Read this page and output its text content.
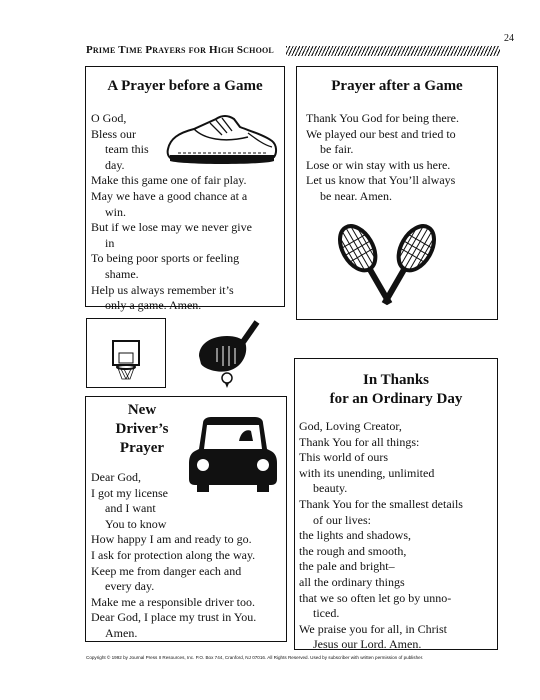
24
Prime Time Prayers for High School
A Prayer before a Game
O God,
Bless our
team this
day.
Make this game one of fair play.
May we have a good chance at a
win.
But if we lose may we never give
in
To being poor sports or feeling
shame.
Help us always remember it’s
only a game. Amen.
Prayer after a Game
Thank You God for being there.
We played our best and tried to
be fair.
Lose or win stay with us here.
Let us know that You’ll always
be near. Amen.
New
Driver’s
Prayer
Dear God,
I got my license
and I want
You to know
How happy I am and ready to go.
I ask for protection along the way.
Keep me from danger each and
every day.
Make me a responsible driver too.
Dear God, I place my trust in You.
Amen.
In Thanks
for an Ordinary Day
God, Loving Creator,
Thank You for all things:
This world of ours
with its unending, unlimited
beauty.
Thank You for the smallest details
of our lives:
the lights and shadows,
the rough and smooth,
the pale and bright–
all the ordinary things
that we so often let go by unno-
ticed.
We praise you for all, in Christ
Jesus our Lord. Amen.
Copyright © 1992 by Journal Press II Resources, Inc. P.O. Box 744, Cranford, NJ 07016. All Rights Reserved. Used by subscriber with written permission of publisher.
